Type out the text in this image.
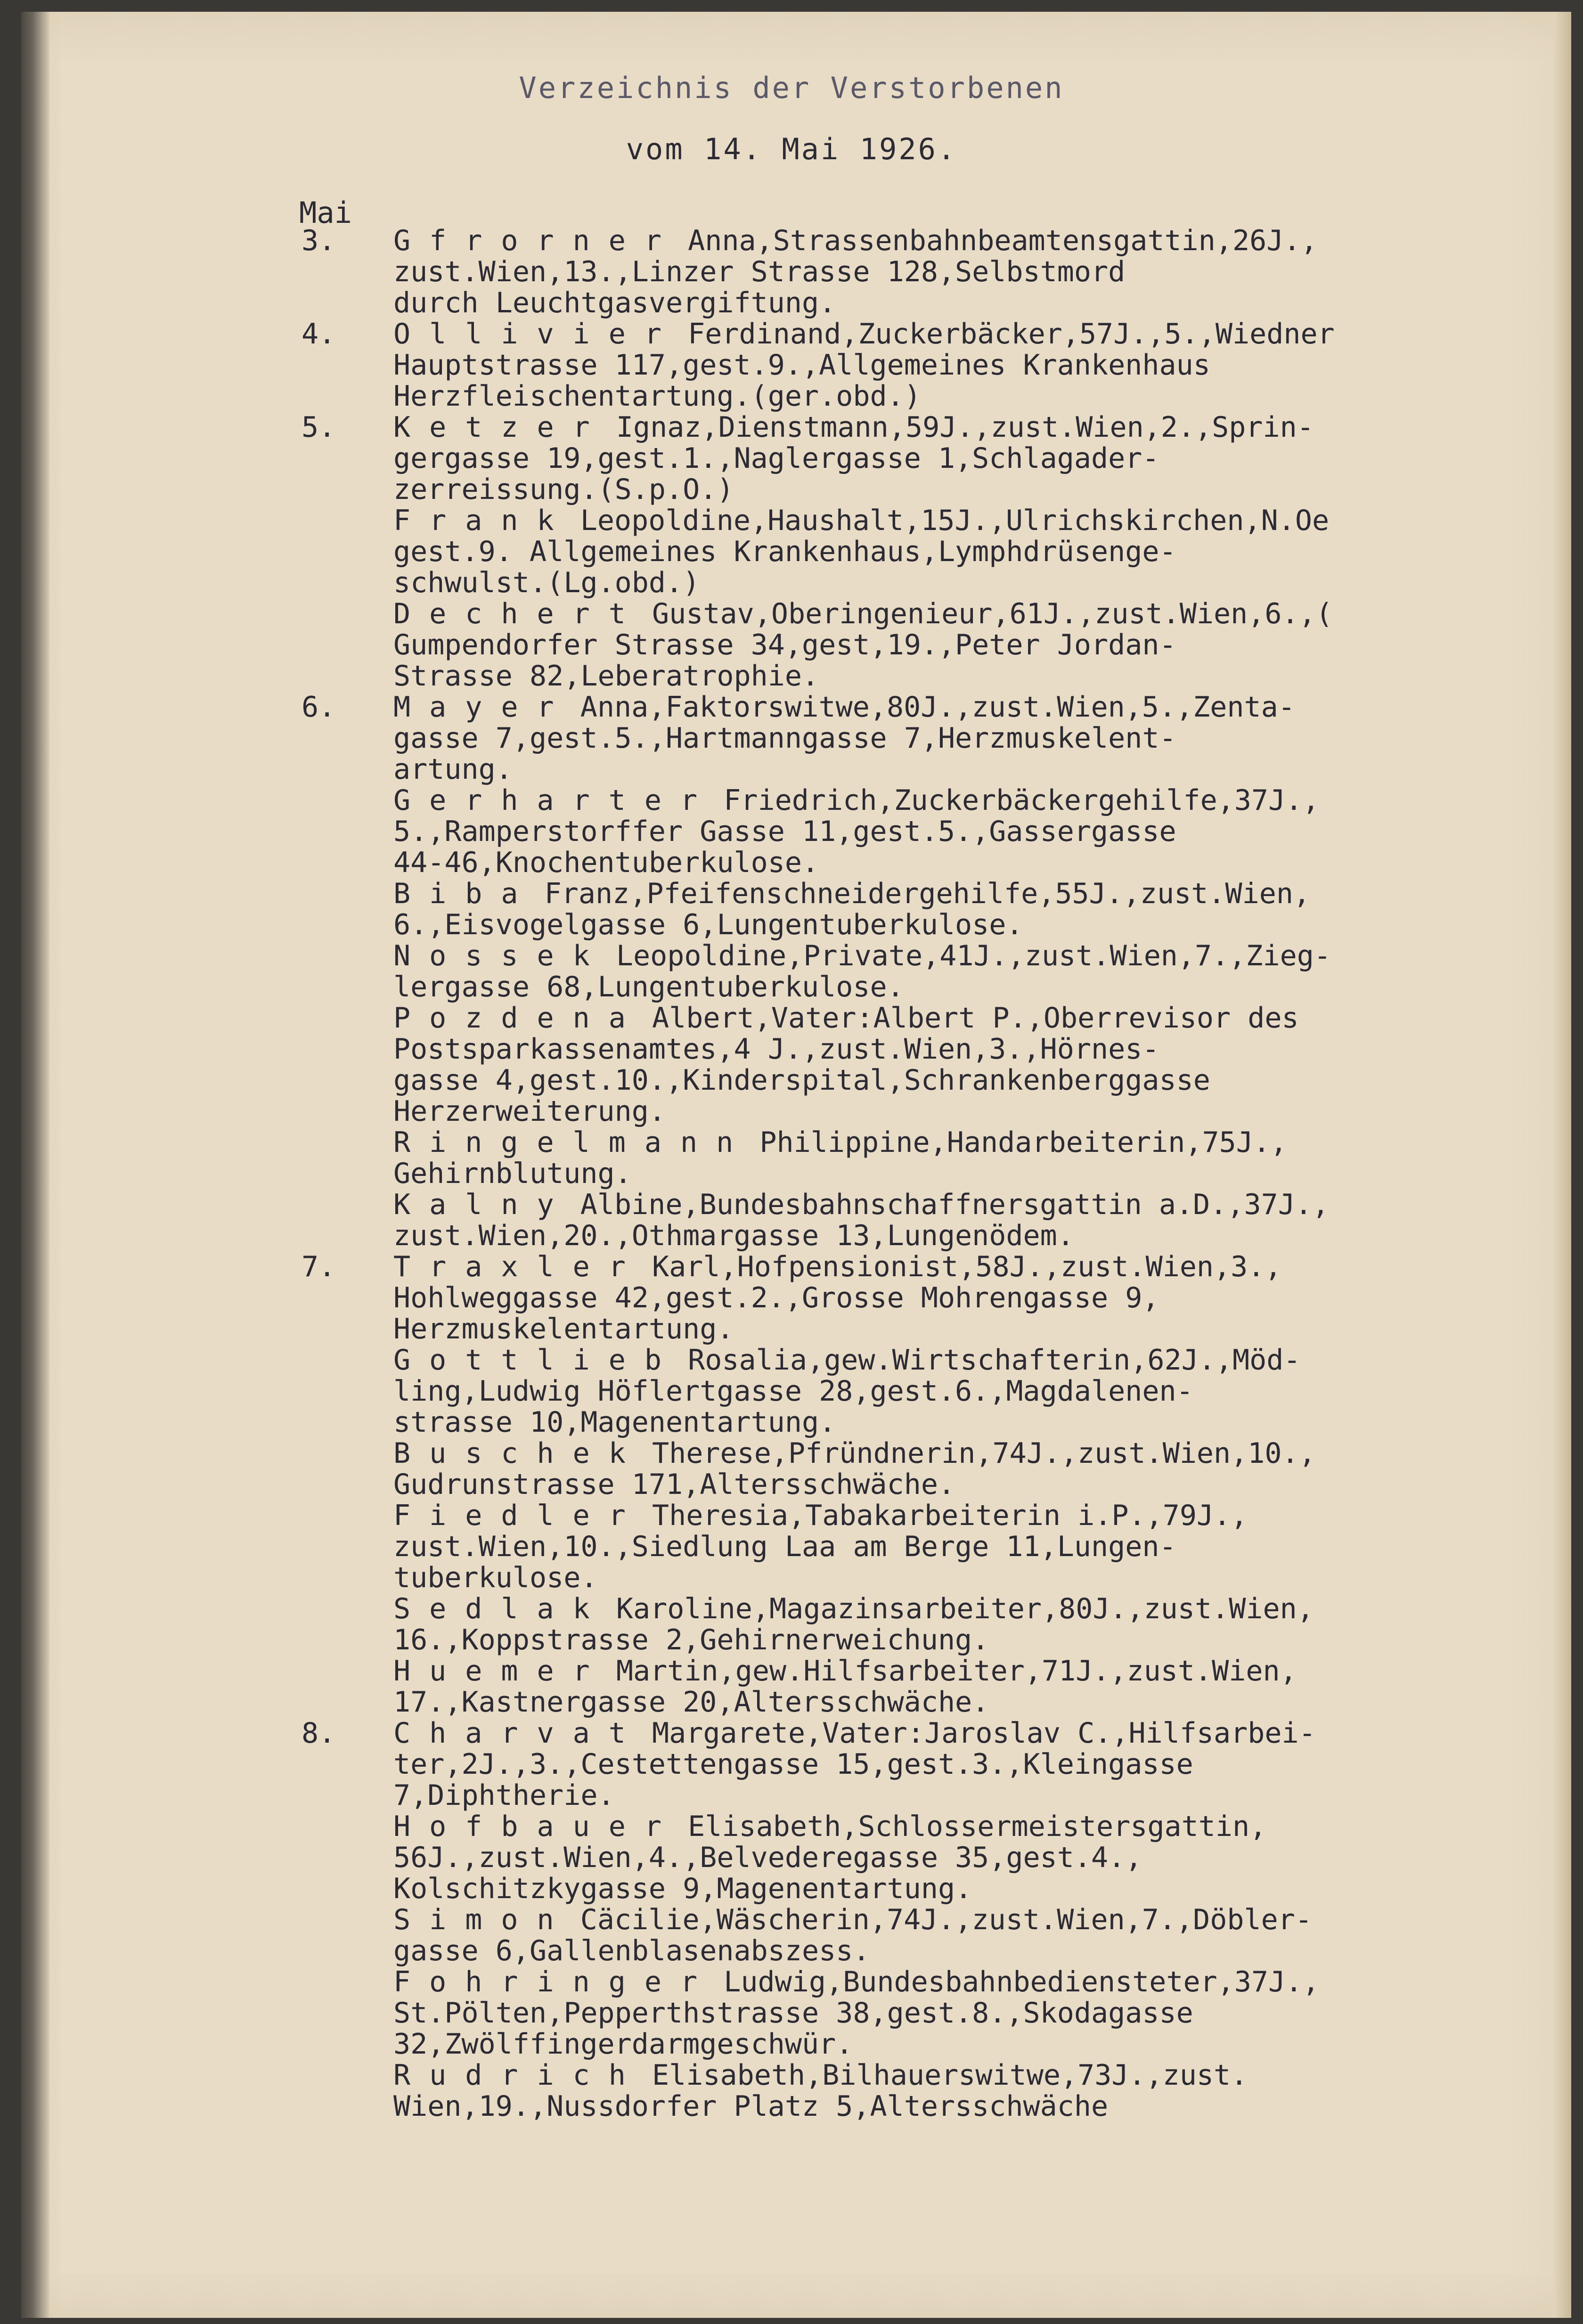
Verzeichnis der Verstorbenen
vom 14. Mai 1926.
Mai
3.	Gfrorner Anna,Strassenbahnbeamtensgattin,26J.,
zust.Wien,13.,Linzer Strasse 128,Selbstmord
durch Leuchtgasvergiftung.
4.	Ollivier Ferdinand,Zuckerbäcker,57J.,5.,Wiedner
Hauptstrasse 117,gest.9.,Allgemeines Krankenhaus
Herzfleischentartung.(ger.obd.)
5.	Ketzer Ignaz,Dienstmann,59J.,zust.Wien,2.,Sprin-
gergasse 19,gest.1.,Naglergasse 1,Schlagader-
zerreissung.(S.p.O.)
Frank Leopoldine,Haushalt,15J.,Ulrichskirchen,N.Oe
gest.9. Allgemeines Krankenhaus,Lymphdrüsenge-
schwulst.(Lg.obd.)
Dechert Gustav,Oberingenieur,61J.,zust.Wien,6.,(
Gumpendorfer Strasse 34,gest,19.,Peter Jordan-
Strasse 82,Leberatrophie.
6.	Mayer Anna,Faktorswitwe,80J.,zust.Wien,5.,Zenta-
gasse 7,gest.5.,Hartmanngasse 7,Herzmuskelent-
artung.
Gerharter Friedrich,Zuckerbäckergehilfe,37J.,
5.,Ramperstorffer Gasse 11,gest.5.,Gassergasse
44-46,Knochentuberkulose.
Biba Franz,Pfeifenschneidergehilfe,55J.,zust.Wien,
6.,Eisvogelgasse 6,Lungentuberkulose.
Nossek Leopoldine,Private,41J.,zust.Wien,7.,Zieg-
lergasse 68,Lungentuberkulose.
Pozdena Albert,Vater:Albert P.,Oberrevisor des
Postsparkassenamtes,4 J.,zust.Wien,3.,Hörnes-
gasse 4,gest.10.,Kinderspital,Schrankenberggasse
Herzerweiterung.
Ringelmann Philippine,Handarbeiterin,75J.,
Gehirnblutung.
Kalny Albine,Bundesbahnschaffnersgattin a.D.,37J.,
zust.Wien,20.,Othmargasse 13,Lungenödem.
7.	Traxler Karl,Hofpensionist,58J.,zust.Wien,3.,
Hohlweggasse 42,gest.2.,Grosse Mohrengasse 9,
Herzmuskelentartung.
Gottlieb Rosalia,gew.Wirtschafterin,62J.,Möd-
ling,Ludwig Höflertgasse 28,gest.6.,Magdalenen-
strasse 10,Magenentartung.
Buschek Therese,Pfründnerin,74J.,zust.Wien,10.,
Gudrunstrasse 171,Altersschwäche.
Fiedler Theresia,Tabakarbeiterin i.P.,79J.,
zust.Wien,10.,Siedlung Laa am Berge 11,Lungen-
tuberkulose.
Sedlak Karoline,Magazinsarbeiter,80J.,zust.Wien,
16.,Koppstrasse 2,Gehirnerweichung.
Huemer Martin,gew.Hilfsarbeiter,71J.,zust.Wien,
17.,Kastnergasse 20,Altersschwäche.
8.	Charvat Margarete,Vater:Jaroslav C.,Hilfsarbei-
ter,2J.,3.,Cestettengasse 15,gest.3.,Kleingasse
7,Diphtherie.
Hofbauer Elisabeth,Schlossermeistersgattin,
56J.,zust.Wien,4.,Belvederegasse 35,gest.4.,
Kolschitzkygasse 9,Magenentartung.
Simon Cäcilie,Wäscherin,74J.,zust.Wien,7.,Döbler-
gasse 6,Gallenblasenabszess.
Fohringer Ludwig,Bundesbahnbediensteter,37J.,
St.Pölten,Pepperthstrasse 38,gest.8.,Skodagasse
32,Zwölffingerdarmgeschwür.
Rudrich Elisabeth,Bilhauerswitwe,73J.,zust.
Wien,19.,Nussdorfer Platz 5,Altersschwäche
